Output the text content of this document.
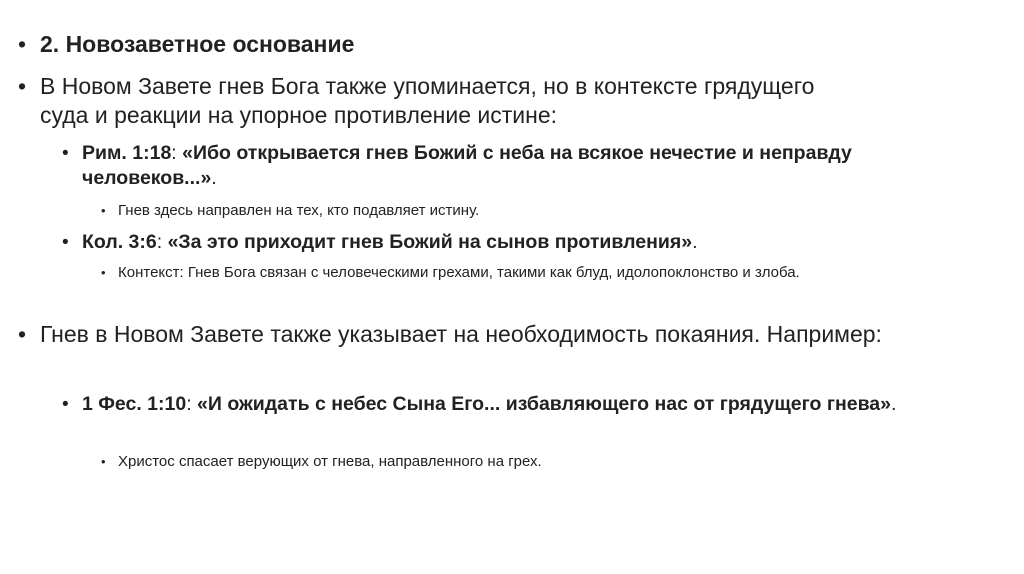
• 2. Новозаветное основание

• В Новом Завете гнев Бога также упоминается, но в контексте грядущего суда и реакции на упорное противление истине:

• Рим. 1:18: «Ибо открывается гнев Божий с неба на всякое нечестие и неправду человеков...».

• Гнев здесь направлен на тех, кто подавляет истину.

• Кол. 3:6: «За это приходит гнев Божий на сынов противления».

• Контекст: Гнев Бога связан с человеческими грехами, такими как блуд, идолопоклонство и злоба.

• Гнев в Новом Завете также указывает на необходимость покаяния. Например:

• 1 Фес. 1:10: «И ожидать с небес Сына Его... избавляющего нас от грядущего гнева».

• Христос спасает верующих от гнева, направленного на грех.
